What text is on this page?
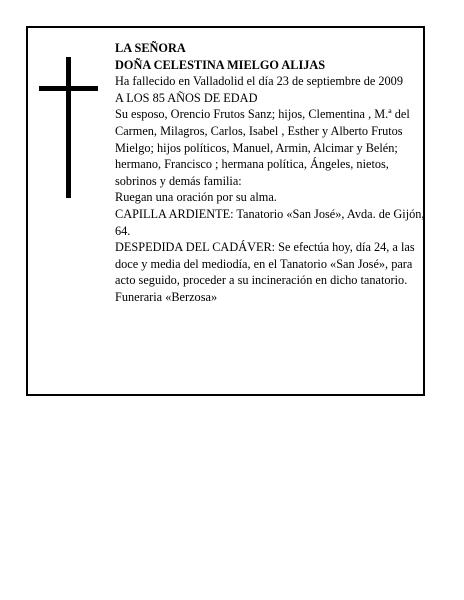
LA SEÑORA

DOÑA CELESTINA MIELGO ALIJAS

Ha fallecido en Valladolid el día 23 de septiembre de 2009

A LOS 85 AÑOS DE EDAD

Su esposo, Orencio Frutos Sanz; hijos, Clementina , M.ª del Carmen, Milagros, Carlos, Isabel , Esther y Alberto Frutos Mielgo; hijos políticos, Manuel, Armin, Alcimar y Belén; hermano, Francisco ; hermana política, Ángeles, nietos, sobrinos y demás familia:

Ruegan una oración por su alma.

CAPILLA ARDIENTE: Tanatorio «San José», Avda. de Gijón, 64.

DESPEDIDA DEL CADÁVER: Se efectúa hoy, día 24, a las doce y media del mediodía, en el Tanatorio «San José», para acto seguido, proceder a su incineración en dicho tanatorio.

Funeraria «Berzosa»
